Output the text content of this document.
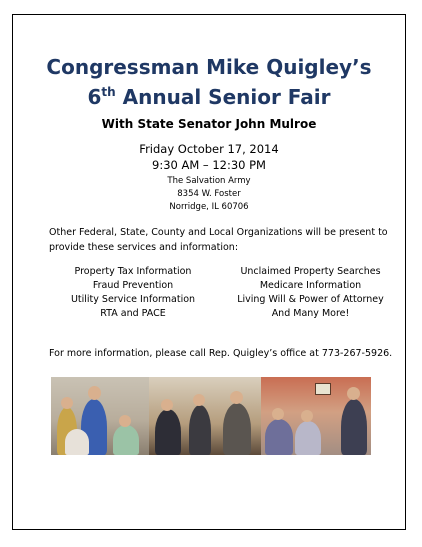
Congressman Mike Quigley’s
6th Annual Senior Fair
With State Senator John Mulroe
Friday October 17, 2014
9:30 AM – 12:30 PM
The Salvation Army
8354 W. Foster
Norridge, IL 60706
Other Federal, State, County and Local Organizations will be present to provide these services and information:
Property Tax Information
Fraud Prevention
Utility Service Information
RTA and PACE
Unclaimed Property Searches
Medicare Information
Living Will & Power of Attorney
And Many More!
For more information, please call Rep. Quigley’s office at 773-267-5926.
